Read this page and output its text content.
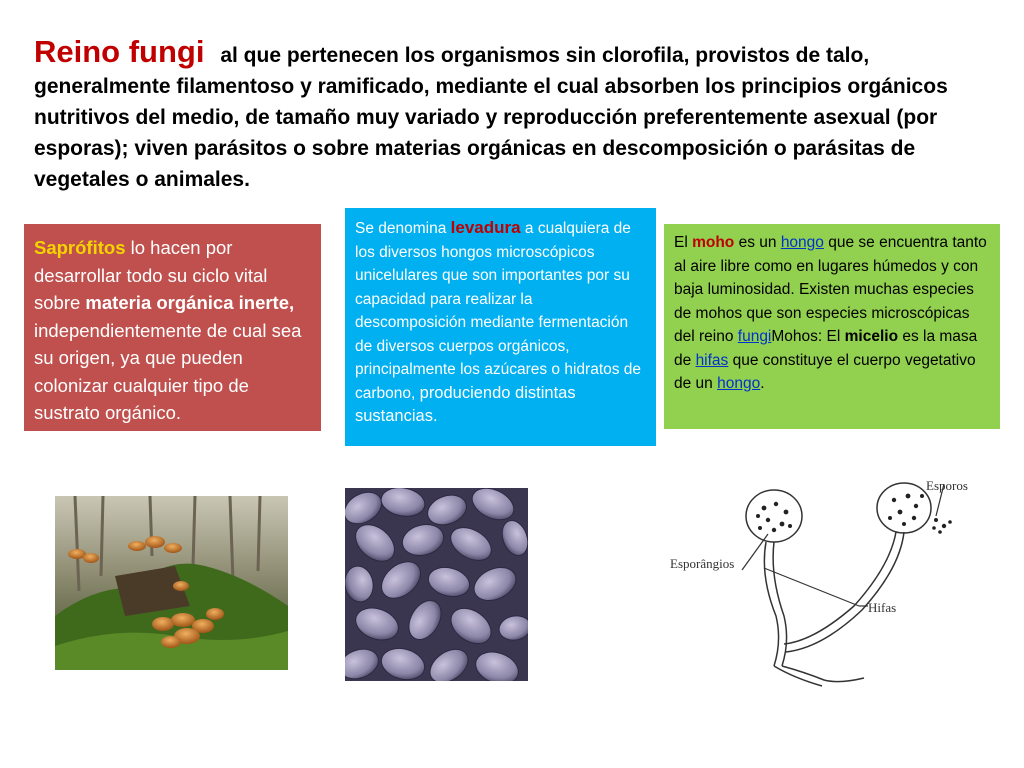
Reino fungi al que pertenecen los organismos sin clorofila, provistos de talo, generalmente filamentoso y ramificado, mediante el cual absorben los principios orgánicos nutritivos del medio, de tamaño muy variado y reproducción preferentemente asexual (por esporas); viven parásitos o sobre materias orgánicas en descomposición o parásitas de vegetales o animales.
Saprófitos lo hacen por desarrollar todo su ciclo vital sobre materia orgánica inerte, independientemente de cual sea su origen, ya que pueden colonizar cualquier tipo de sustrato orgánico.
Se denomina levadura a cualquiera de los diversos hongos microscópicos unicelulares que son importantes por su capacidad para realizar la descomposición mediante fermentación de diversos cuerpos orgánicos, principalmente los azúcares o hidratos de carbono, produciendo distintas sustancias.
El moho es un hongo que se encuentra tanto al aire libre como en lugares húmedos y con baja luminosidad. Existen muchas especies de mohos que son especies microscópicas del reino fungiMohos: El micelio es la masa de hifas que constituye el cuerpo vegetativo de un hongo.
Esporos
Esporângios
Hifas
